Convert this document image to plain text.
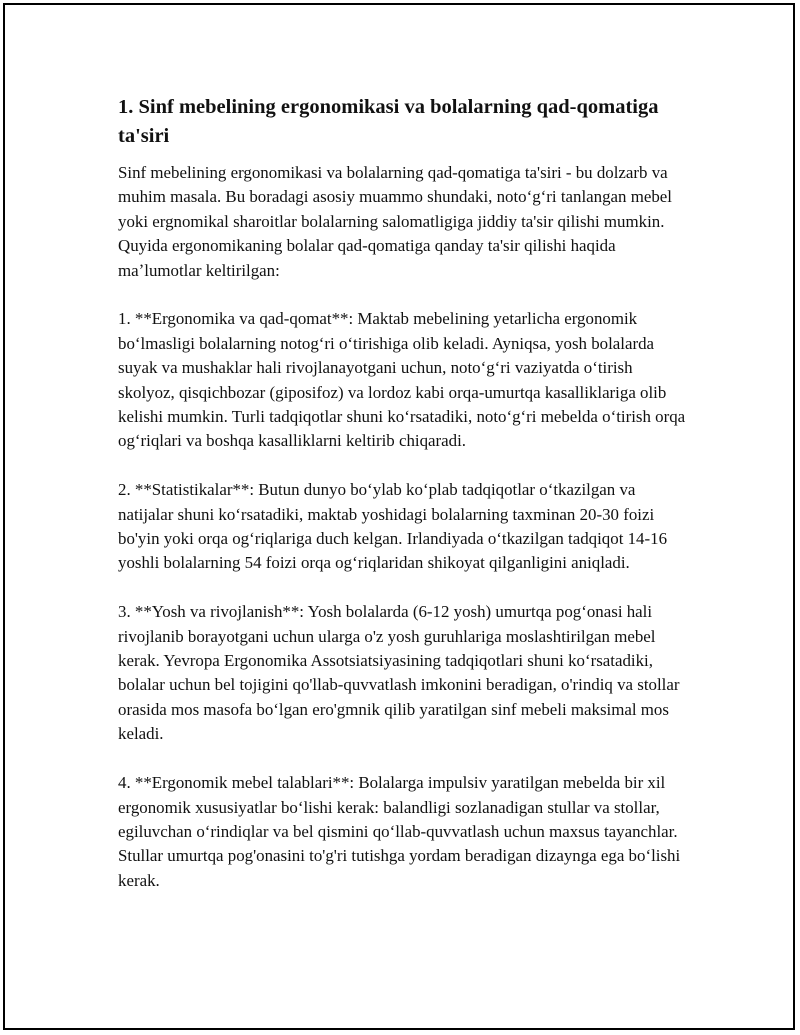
1. Sinf mebelining ergonomikasi va bolalarning qad-qomatiga ta'siri

Sinf mebelining ergonomikasi va bolalarning qad-qomatiga ta'siri - bu dolzarb va muhim masala. Bu boradagi asosiy muammo shundaki, notoʻgʻri tanlangan mebel yoki ergnomikal sharoitlar bolalarning salomatligiga jiddiy ta'sir qilishi mumkin. Quyida ergonomikaning bolalar qad-qomatiga qanday ta'sir qilishi haqida maʼlumotlar keltirilgan:

1. **Ergonomika va qad-qomat**: Maktab mebelining yetarlicha ergonomik boʻlmasligi bolalarning notogʻri oʻtirishiga olib keladi. Ayniqsa, yosh bolalarda suyak va mushaklar hali rivojlanayotgani uchun, notoʻgʻri vaziyatda oʻtirish skolyoz, qisqichbozar (giposifoz) va lordoz kabi orqa-umurtqa kasalliklariga olib kelishi mumkin. Turli tadqiqotlar shuni koʻrsatadiki, notoʻgʻri mebelda oʻtirish orqa ogʻriqlari va boshqa kasalliklarni keltirib chiqaradi.

2. **Statistikalar**: Butun dunyo boʻylab koʻplab tadqiqotlar oʻtkazilgan va natijalar shuni koʻrsatadiki, maktab yoshidagi bolalarning taxminan 20-30 foizi bo'yin yoki orqa ogʻriqlariga duch kelgan. Irlandiyada oʻtkazilgan tadqiqot 14-16 yoshli bolalarning 54 foizi orqa ogʻriqlaridan shikoyat qilganligini aniqladi.

3. **Yosh va rivojlanish**: Yosh bolalarda (6-12 yosh) umurtqa pogʻonasi hali rivojlanib borayotgani uchun ularga o'z yosh guruhlariga moslashtirilgan mebel kerak. Yevropa Ergonomika Assotsiatsiyasining tadqiqotlari shuni koʻrsatadiki, bolalar uchun bel tojigini qo'llab-quvvatlash imkonini beradigan, o'rindiq va stollar orasida mos masofa boʻlgan ero'gmnik qilib yaratilgan sinf mebeli maksimal mos keladi.

4. **Ergonomik mebel talablari**: Bolalarga impulsiv yaratilgan mebelda bir xil ergonomik xususiyatlar boʻlishi kerak: balandligi sozlanadigan stullar va stollar, egiluvchan oʻrindiqlar va bel qismini qoʻllab-quvvatlash uchun maxsus tayanchlar. Stullar umurtqa pog'onasini to'g'ri tutishga yordam beradigan dizaynga ega boʻlishi kerak.
